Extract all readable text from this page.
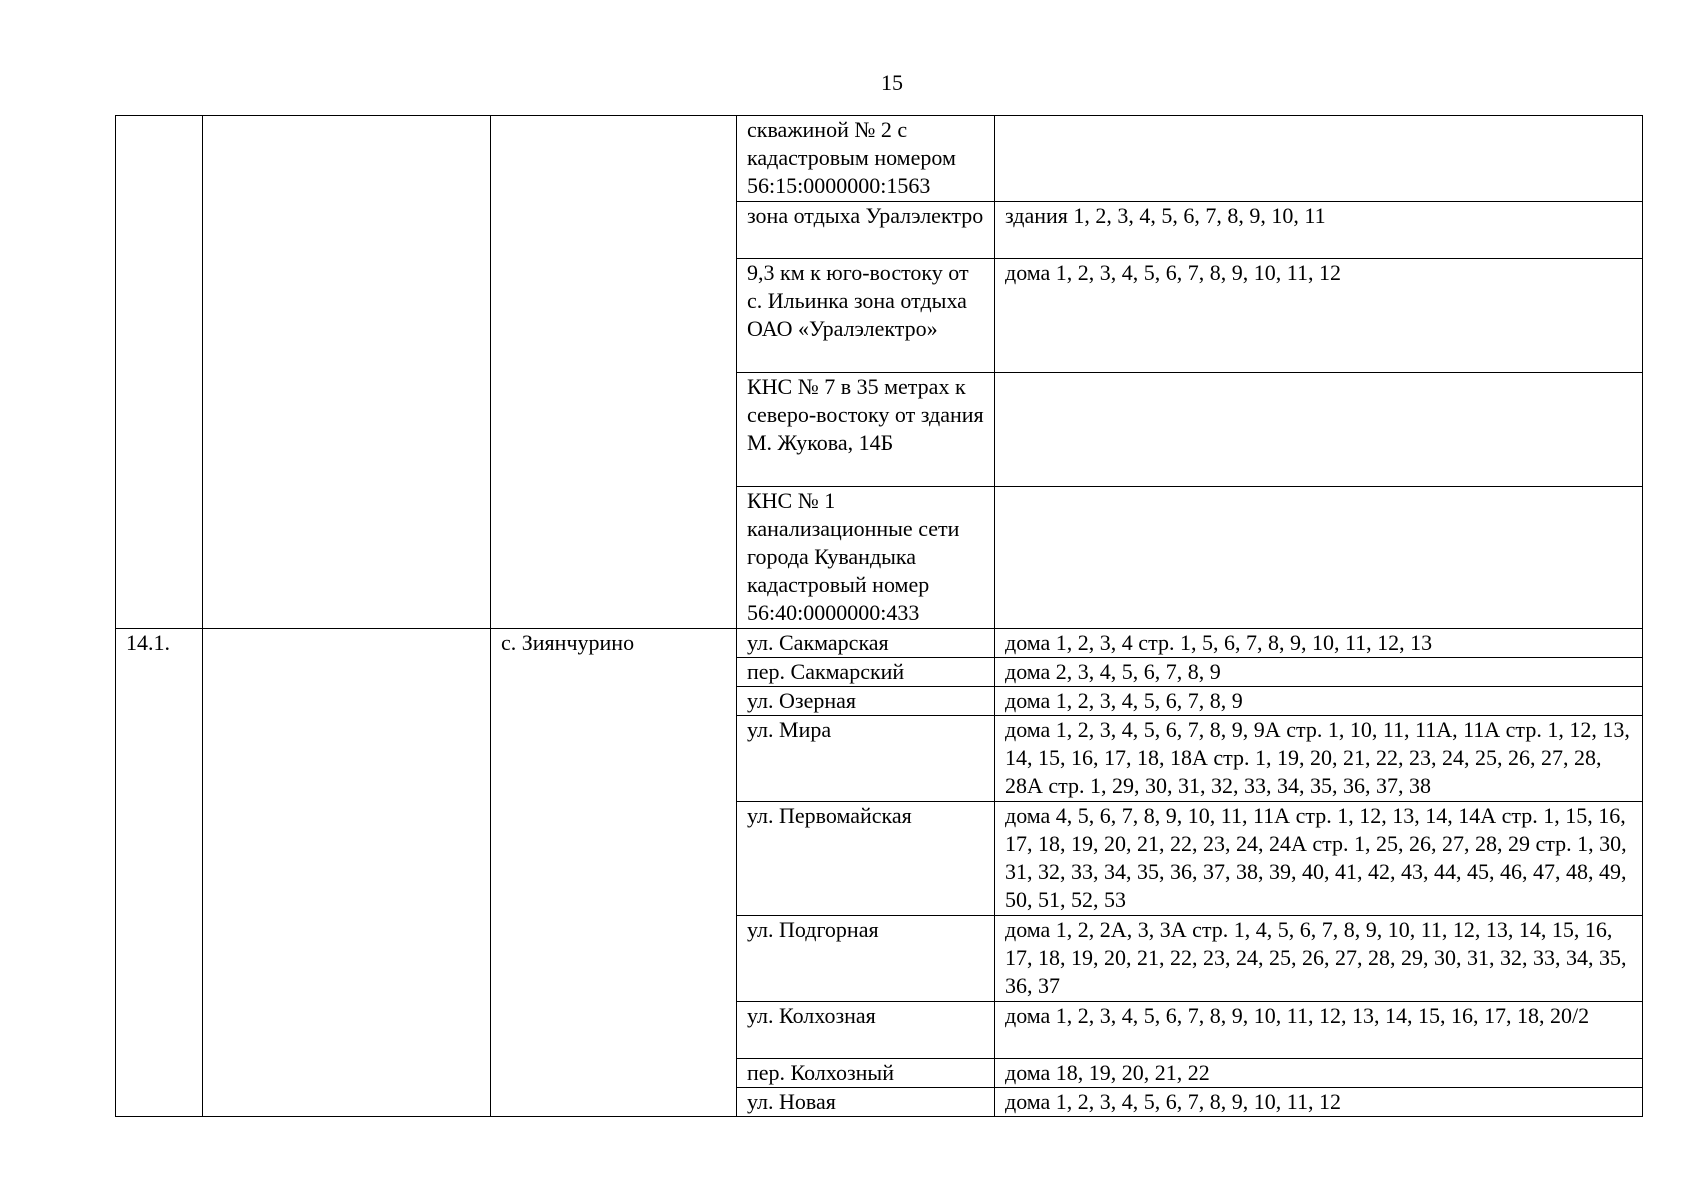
15
			скважиной № 2 с кадастровым номером 56:15:0000000:1563	
			зона отдыха Уралэлектро	здания 1, 2, 3, 4, 5, 6, 7, 8, 9, 10, 11
			9,3 км к юго-востоку от с. Ильинка зона отдыха ОАО «Уралэлектро»	дома 1, 2, 3, 4, 5, 6, 7, 8, 9, 10, 11, 12
			КНС № 7 в 35 метрах к северо-востоку от здания М. Жукова, 14Б	
			КНС № 1 канализационные сети города Кувандыка кадастровый номер 56:40:0000000:433	
14.1.		с. Зиянчурино	ул. Сакмарская	дома 1, 2, 3, 4 стр. 1, 5, 6, 7, 8, 9, 10, 11, 12, 13
			пер. Сакмарский	дома 2, 3, 4, 5, 6, 7, 8, 9
			ул. Озерная	дома 1, 2, 3, 4, 5, 6, 7, 8, 9
			ул. Мира	дома 1, 2, 3, 4, 5, 6, 7, 8, 9, 9А стр. 1, 10, 11, 11А, 11А стр. 1, 12, 13, 14, 15, 16, 17, 18, 18А стр. 1, 19, 20, 21, 22, 23, 24, 25, 26, 27, 28, 28А стр. 1, 29, 30, 31, 32, 33, 34, 35, 36, 37, 38
			ул. Первомайская	дома 4, 5, 6, 7, 8, 9, 10, 11, 11А стр. 1, 12, 13, 14, 14А стр. 1, 15, 16, 17, 18, 19, 20, 21, 22, 23, 24, 24А стр. 1, 25, 26, 27, 28, 29 стр. 1, 30, 31, 32, 33, 34, 35, 36, 37, 38, 39, 40, 41, 42, 43, 44, 45, 46, 47, 48, 49, 50, 51, 52, 53
			ул. Подгорная	дома 1, 2, 2А, 3, 3А стр. 1, 4, 5, 6, 7, 8, 9, 10, 11, 12, 13, 14, 15, 16, 17, 18, 19, 20, 21, 22, 23, 24, 25, 26, 27, 28, 29, 30, 31, 32, 33, 34, 35, 36, 37
			ул. Колхозная	дома 1, 2, 3, 4, 5, 6, 7, 8, 9, 10, 11, 12, 13, 14, 15, 16, 17, 18, 20/2
			пер. Колхозный	дома 18, 19, 20, 21, 22
			ул. Новая	дома 1, 2, 3, 4, 5, 6, 7, 8, 9, 10, 11, 12
